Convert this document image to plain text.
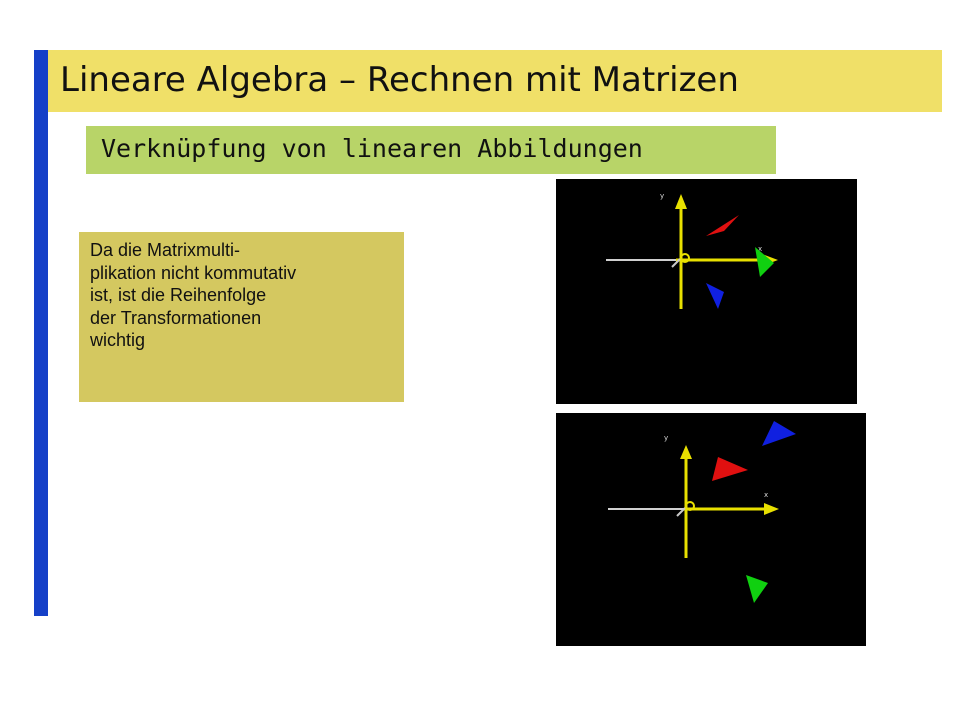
Lineare Algebra – Rechnen mit Matrizen
Verknüpfung von linearen Abbildungen
Da die Matrixmulti-
plikation nicht kommutativ
ist, ist die Reihenfolge
der Transformationen
wichtig
y
x
y
x
